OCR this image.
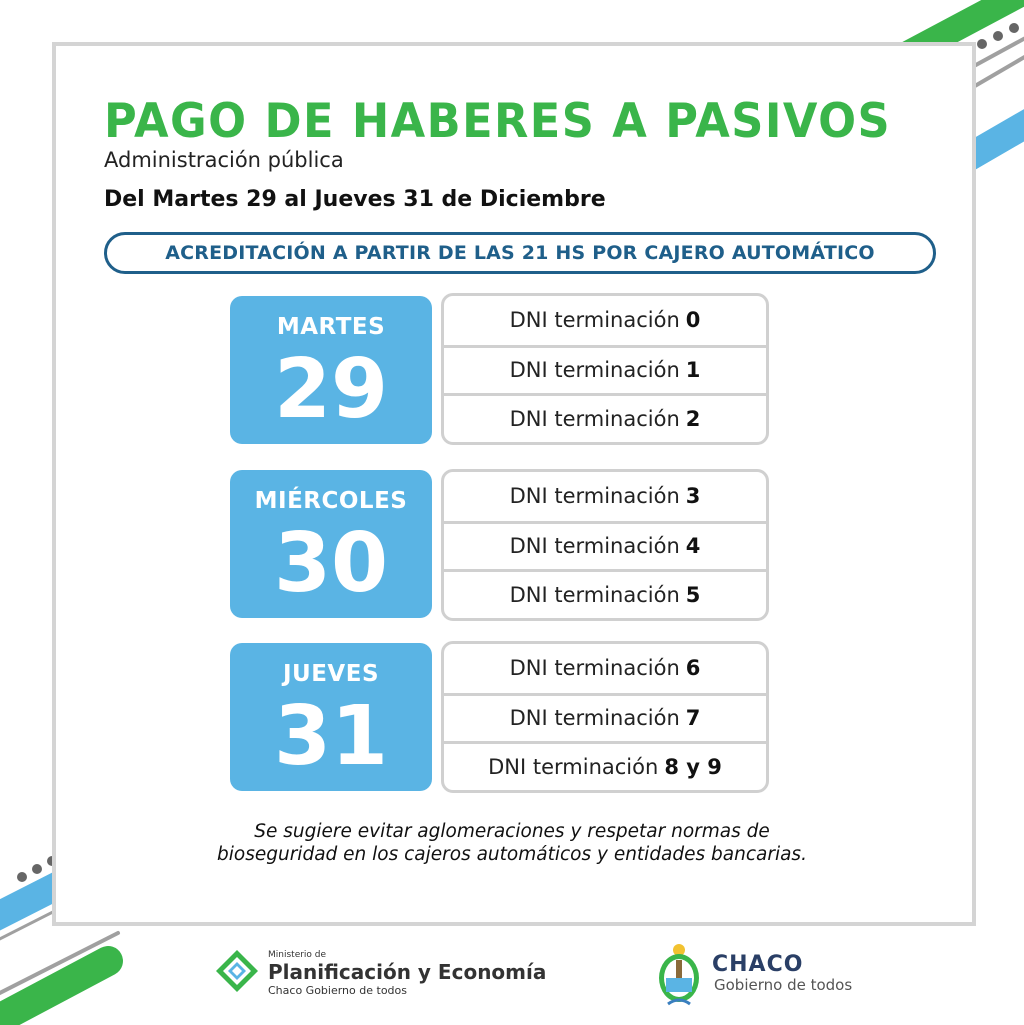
PAGO DE HABERES A PASIVOS
Administración pública
Del Martes 29 al Jueves 31 de Diciembre
ACREDITACIÓN A PARTIR DE LAS 21 HS POR CAJERO AUTOMÁTICO
MARTES
29
DNI terminación 0
DNI terminación 1
DNI terminación 2
MIÉRCOLES
30
DNI terminación 3
DNI terminación 4
DNI terminación 5
JUEVES
31
DNI terminación 6
DNI terminación 7
DNI terminación 8 y 9
Se sugiere evitar aglomeraciones y respetar normas de bioseguridad en los cajeros automáticos y entidades bancarias.
Ministerio de
Planificación y Economía
Chaco Gobierno de todos
CHACO
Gobierno de todos
